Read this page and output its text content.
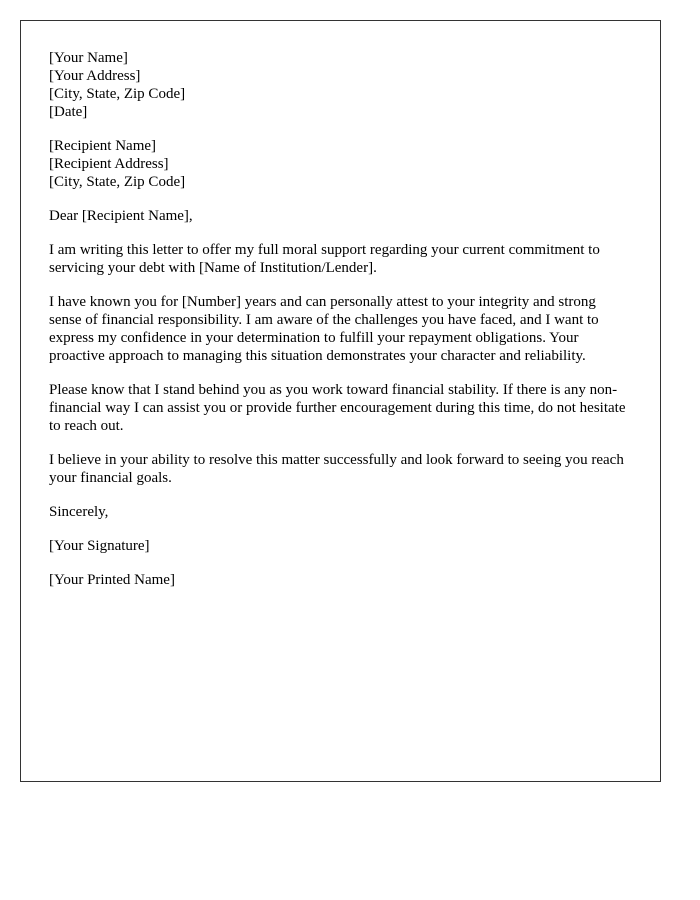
[Your Name]
[Your Address]
[City, State, Zip Code]
[Date]
[Recipient Name]
[Recipient Address]
[City, State, Zip Code]

Dear [Recipient Name],

I am writing this letter to offer my full moral support regarding your current commitment to servicing your debt with [Name of Institution/Lender].

I have known you for [Number] years and can personally attest to your integrity and strong sense of financial responsibility. I am aware of the challenges you have faced, and I want to express my confidence in your determination to fulfill your repayment obligations. Your proactive approach to managing this situation demonstrates your character and reliability.

Please know that I stand behind you as you work toward financial stability. If there is any non-financial way I can assist you or provide further encouragement during this time, do not hesitate to reach out.

I believe in your ability to resolve this matter successfully and look forward to seeing you reach your financial goals.

Sincerely,

[Your Signature]

[Your Printed Name]
